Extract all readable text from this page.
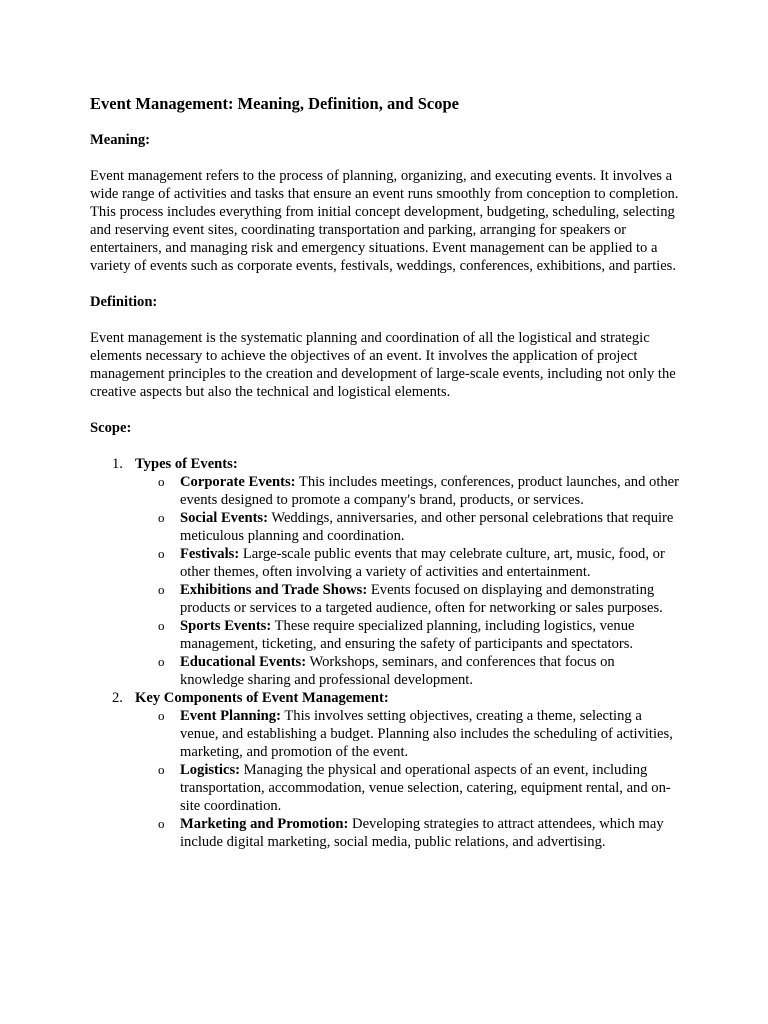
Event Management: Meaning, Definition, and Scope
Meaning:

Event management refers to the process of planning, organizing, and executing events. It involves a wide range of activities and tasks that ensure an event runs smoothly from conception to completion. This process includes everything from initial concept development, budgeting, scheduling, selecting and reserving event sites, coordinating transportation and parking, arranging for speakers or entertainers, and managing risk and emergency situations. Event management can be applied to a variety of events such as corporate events, festivals, weddings, conferences, exhibitions, and parties.

Definition:

Event management is the systematic planning and coordination of all the logistical and strategic elements necessary to achieve the objectives of an event. It involves the application of project management principles to the creation and development of large-scale events, including not only the creative aspects but also the technical and logistical elements.

Scope:
1. Types of Events:
o Corporate Events: This includes meetings, conferences, product launches, and other events designed to promote a company's brand, products, or services.
o Social Events: Weddings, anniversaries, and other personal celebrations that require meticulous planning and coordination.
o Festivals: Large-scale public events that may celebrate culture, art, music, food, or other themes, often involving a variety of activities and entertainment.
o Exhibitions and Trade Shows: Events focused on displaying and demonstrating products or services to a targeted audience, often for networking or sales purposes.
o Sports Events: These require specialized planning, including logistics, venue management, ticketing, and ensuring the safety of participants and spectators.
o Educational Events: Workshops, seminars, and conferences that focus on knowledge sharing and professional development.
2. Key Components of Event Management:
o Event Planning: This involves setting objectives, creating a theme, selecting a venue, and establishing a budget. Planning also includes the scheduling of activities, marketing, and promotion of the event.
o Logistics: Managing the physical and operational aspects of an event, including transportation, accommodation, venue selection, catering, equipment rental, and on-site coordination.
o Marketing and Promotion: Developing strategies to attract attendees, which may include digital marketing, social media, public relations, and advertising.
